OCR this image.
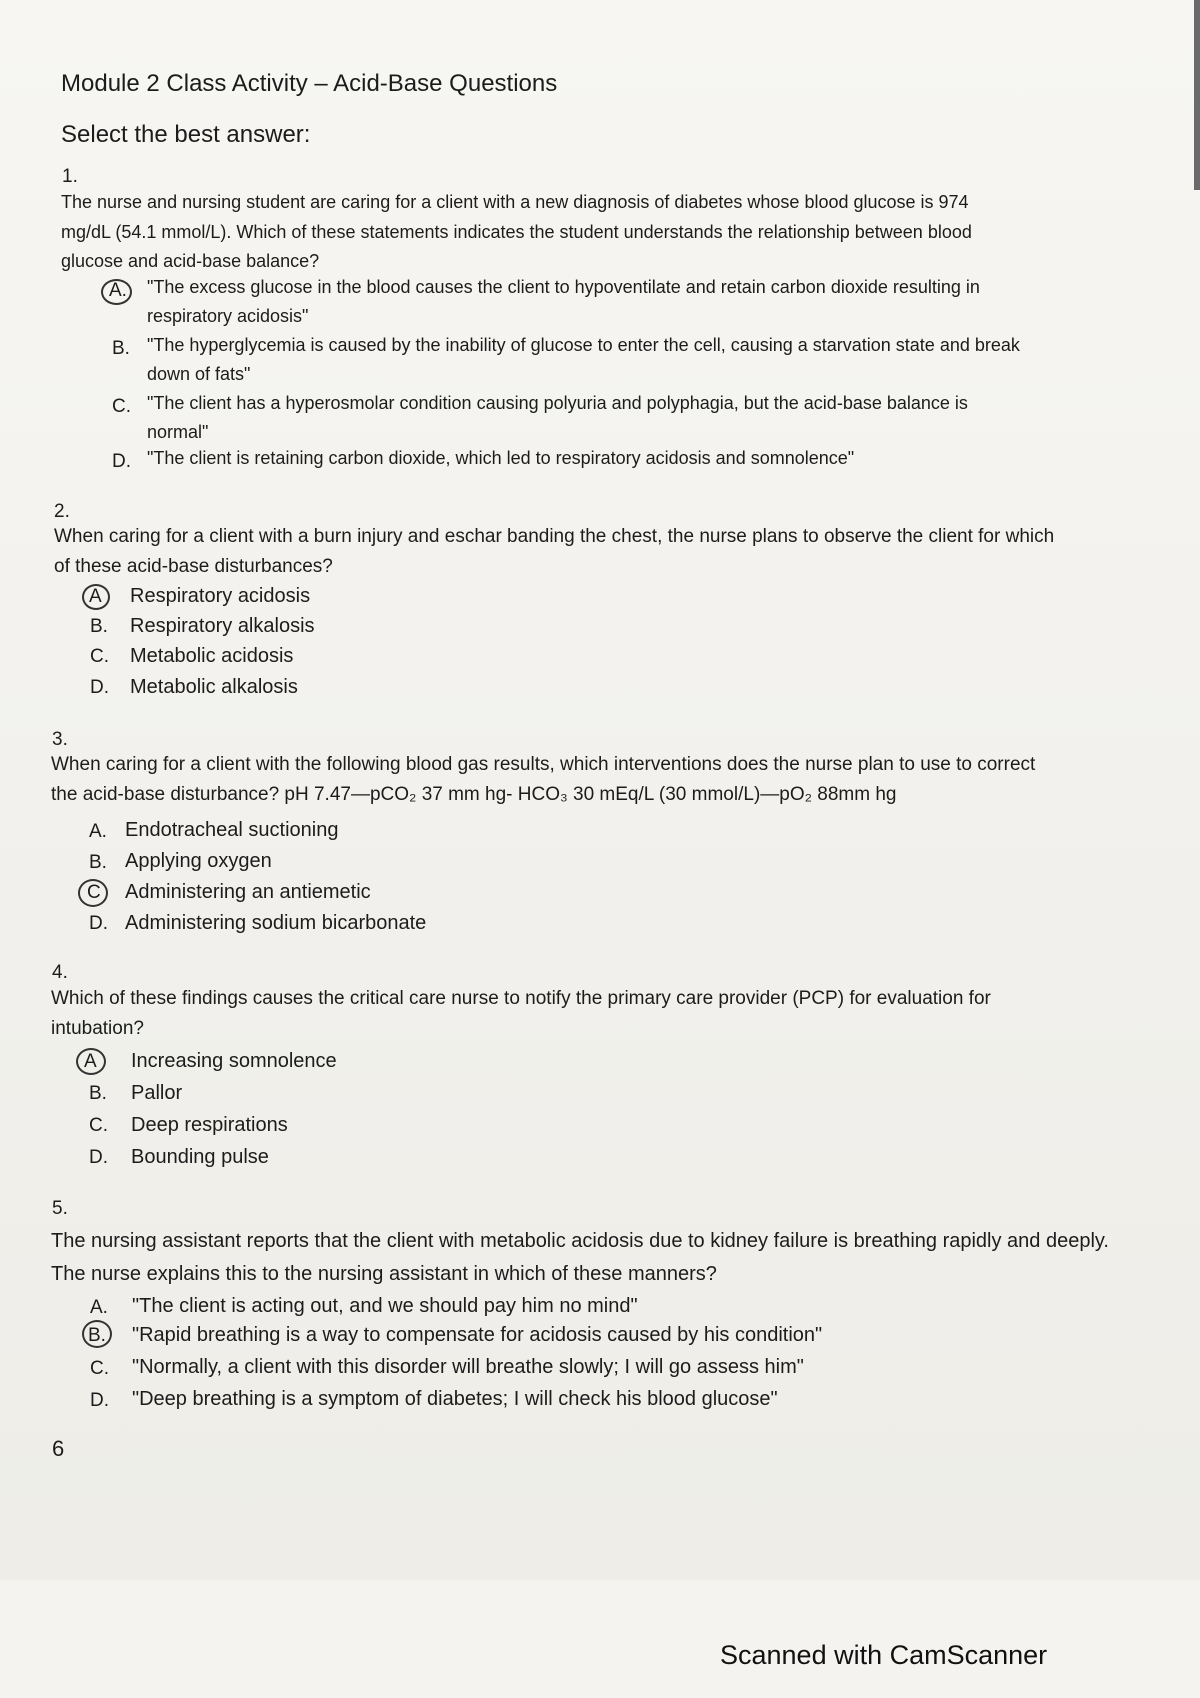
Module 2 Class Activity – Acid-Base Questions
Select the best answer:
1.
The nurse and nursing student are caring for a client with a new diagnosis of diabetes whose blood glucose is 974
mg/dL (54.1 mmol/L). Which of these statements indicates the student understands the relationship between blood
glucose and acid-base balance?
A. "The excess glucose in the blood causes the client to hypoventilate and retain carbon dioxide resulting in
respiratory acidosis"
B. "The hyperglycemia is caused by the inability of glucose to enter the cell, causing a starvation state and break
down of fats"
C. "The client has a hyperosmolar condition causing polyuria and polyphagia, but the acid-base balance is
normal"
D. "The client is retaining carbon dioxide, which led to respiratory acidosis and somnolence"
2.
When caring for a client with a burn injury and eschar banding the chest, the nurse plans to observe the client for which
of these acid-base disturbances?
A Respiratory acidosis
B. Respiratory alkalosis
C. Metabolic acidosis
D. Metabolic alkalosis
3.
When caring for a client with the following blood gas results, which interventions does the nurse plan to use to correct
the acid-base disturbance? pH 7.47—pCO₂ 37 mm hg- HCO₃ 30 mEq/L (30 mmol/L)—pO₂ 88mm hg
A. Endotracheal suctioning
B. Applying oxygen
C Administering an antiemetic
D. Administering sodium bicarbonate
4.
Which of these findings causes the critical care nurse to notify the primary care provider (PCP) for evaluation for
intubation?
A Increasing somnolence
B. Pallor
C. Deep respirations
D. Bounding pulse
5.
The nursing assistant reports that the client with metabolic acidosis due to kidney failure is breathing rapidly and deeply.
The nurse explains this to the nursing assistant in which of these manners?
A. "The client is acting out, and we should pay him no mind"
B. "Rapid breathing is a way to compensate for acidosis caused by his condition"
C. "Normally, a client with this disorder will breathe slowly; I will go assess him"
D. "Deep breathing is a symptom of diabetes; I will check his blood glucose"
6
Scanned with CamScanner
